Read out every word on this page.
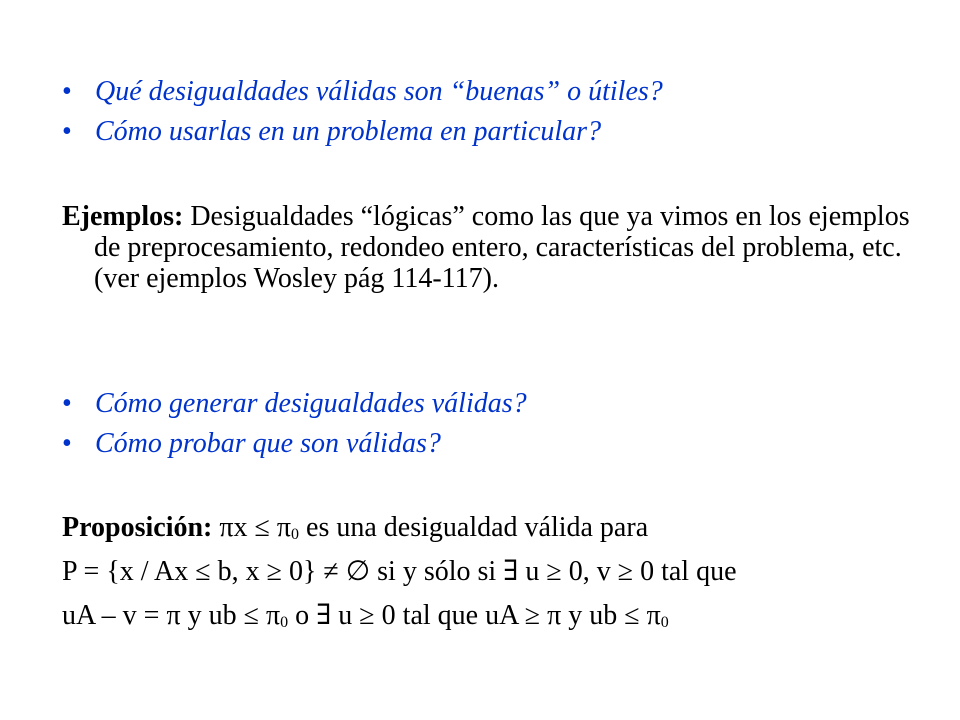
• Qué desigualdades válidas son “buenas” o útiles?
• Cómo usarlas en un problema en particular?
Ejemplos: Desigualdades “lógicas” como las que ya vimos en los ejemplos de preprocesamiento, redondeo entero, características del problema, etc. (ver ejemplos Wosley pág 114-117).
• Cómo generar desigualdades válidas?
• Cómo probar que son válidas?
Proposición: $\pi x \le \pi_0$ es una desigualdad válida para
P = {x / Ax ≤ b, x ≥ 0} ≠ ∅ si y sólo si ∃ u ≥ 0, v ≥ 0 tal que
uA – v = π y ub ≤ $\pi_0$ o ∃ u ≥ 0 tal que uA ≥ π y ub ≤ $\pi_0$
